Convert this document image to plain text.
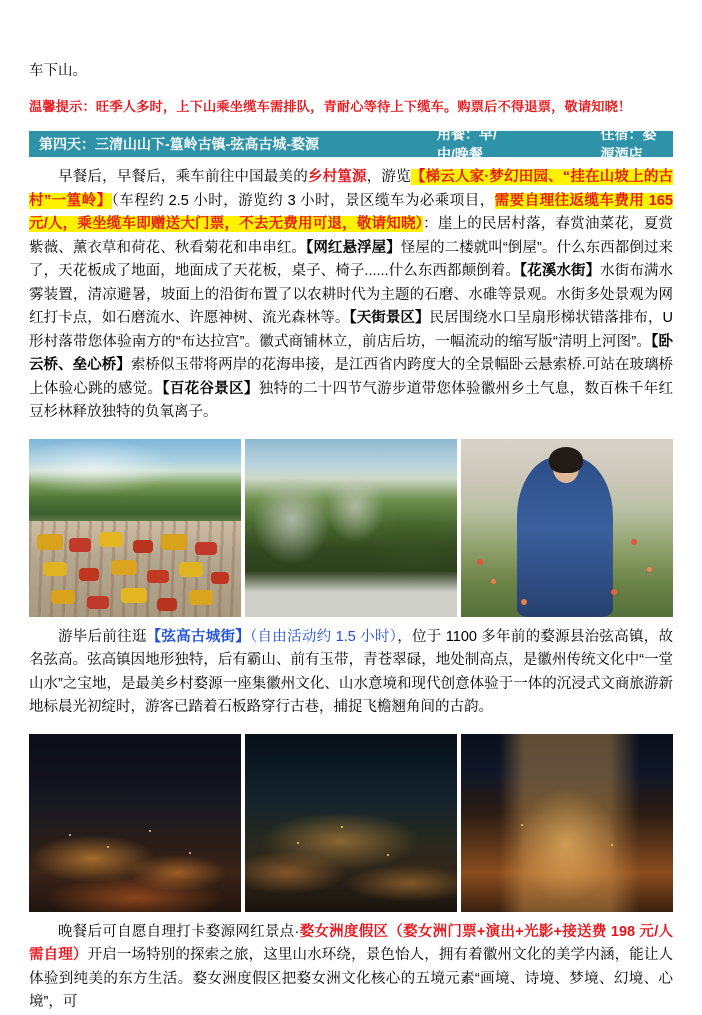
车下山。
温馨提示：旺季人多时，上下山乘坐缆车需排队，青耐心等待上下缆车。购票后不得退票，敬请知晓！
第四天：三清山山下-篁岭古镇-弦高古城-婺源
用餐：早/中/晚餐
住宿：婺源酒店
早餐后，早餐后，乘车前往中国最美的乡村篁源，游览【梯云人家·梦幻田园、“挂在山坡上的古村”一篁岭】（车程约 2.5 小时，游览约 3 小时，景区缆车为必乘项目，需要自理往返缆车费用 165 元/人，乘坐缆车即赠送大门票，不去无费用可退，敬请知晓）：崖上的民居村落，春赏油菜花，夏赏紫薇、薰衣草和荷花、秋看菊花和串串红。【网红悬浮屋】怪屋的二楼就叫“倒屋”。什么东西都倒过来了，天花板成了地面，地面成了天花板，桌子、椅子......什么东西都颠倒着。【花溪水街】水街布满水雾装置，清凉避暑，坡面上的沿街布置了以农耕时代为主题的石磨、水碓等景观。水街多处景观为网红打卡点，如石磨流水、许愿神树、流光森林等。【天街景区】民居围绕水口呈扇形梯状错落排布，U 形村落带您体验南方的“布达拉宫”。徽式商铺林立，前店后坊，一幅流动的缩写版“清明上河图”。【卧云桥、垒心桥】索桥似玉带将两岸的花海串接，是江西省内跨度大的全景幅卧云悬索桥.可站在玻璃桥上体验心跳的感觉。【百花谷景区】独特的二十四节气游步道带您体验徽州乡土气息，数百株千年红豆杉林释放独特的负氧离子。
游毕后前往逛【弦高古城街】（自由活动约 1.5 小时），位于 1100 多年前的婺源县治弦高镇，故名弦高。弦高镇因地形独特，后有霸山、前有玉带，青苍翠碌，地处制高点，是徽州传统文化中“一堂山水”之宝地，是最美乡村婺源一座集徽州文化、山水意境和现代创意体验于一体的沉浸式文商旅游新地标晨光初绽时，游客已踏着石板路穿行古巷，捕捉飞檐翘角间的古韵。
晚餐后可自愿自理打卡婺源网红景点·婺女洲度假区（婺女洲门票+演出+光影+接送费 198 元/人需自理）开启一场特别的探索之旅，这里山水环绕，景色怡人，拥有着徽州文化的美学内涵，能让人体验到纯美的东方生活。婺女洲度假区把婺女洲文化核心的五境元素“画境、诗境、梦境、幻境、心境”，可
